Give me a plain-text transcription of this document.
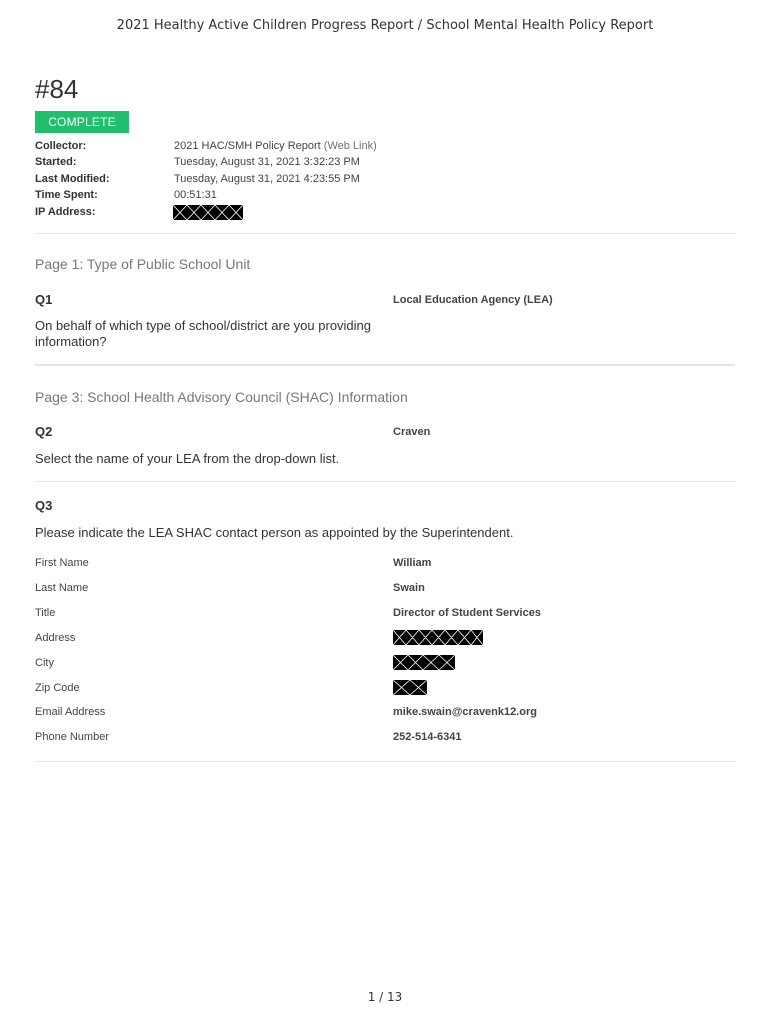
2021 Healthy Active Children Progress Report / School Mental Health Policy Report
#84
COMPLETE
Collector:	2021 HAC/SMH Policy Report (Web Link)
Started:	Tuesday, August 31, 2021 3:32:23 PM
Last Modified:	Tuesday, August 31, 2021 4:23:55 PM
Time Spent:	00:51:31
IP Address:
Page 1: Type of Public School Unit
Q1	Local Education Agency (LEA)
On behalf of which type of school/district are you providing information?
Page 3: School Health Advisory Council (SHAC) Information
Q2	Craven
Select the name of your LEA from the drop-down list.
Q3
Please indicate the LEA SHAC contact person as appointed by the Superintendent.
First Name	William
Last Name	Swain
Title	Director of Student Services
Address
City
Zip Code
Email Address	mike.swain@cravenk12.org
Phone Number	252-514-6341
1 / 13
